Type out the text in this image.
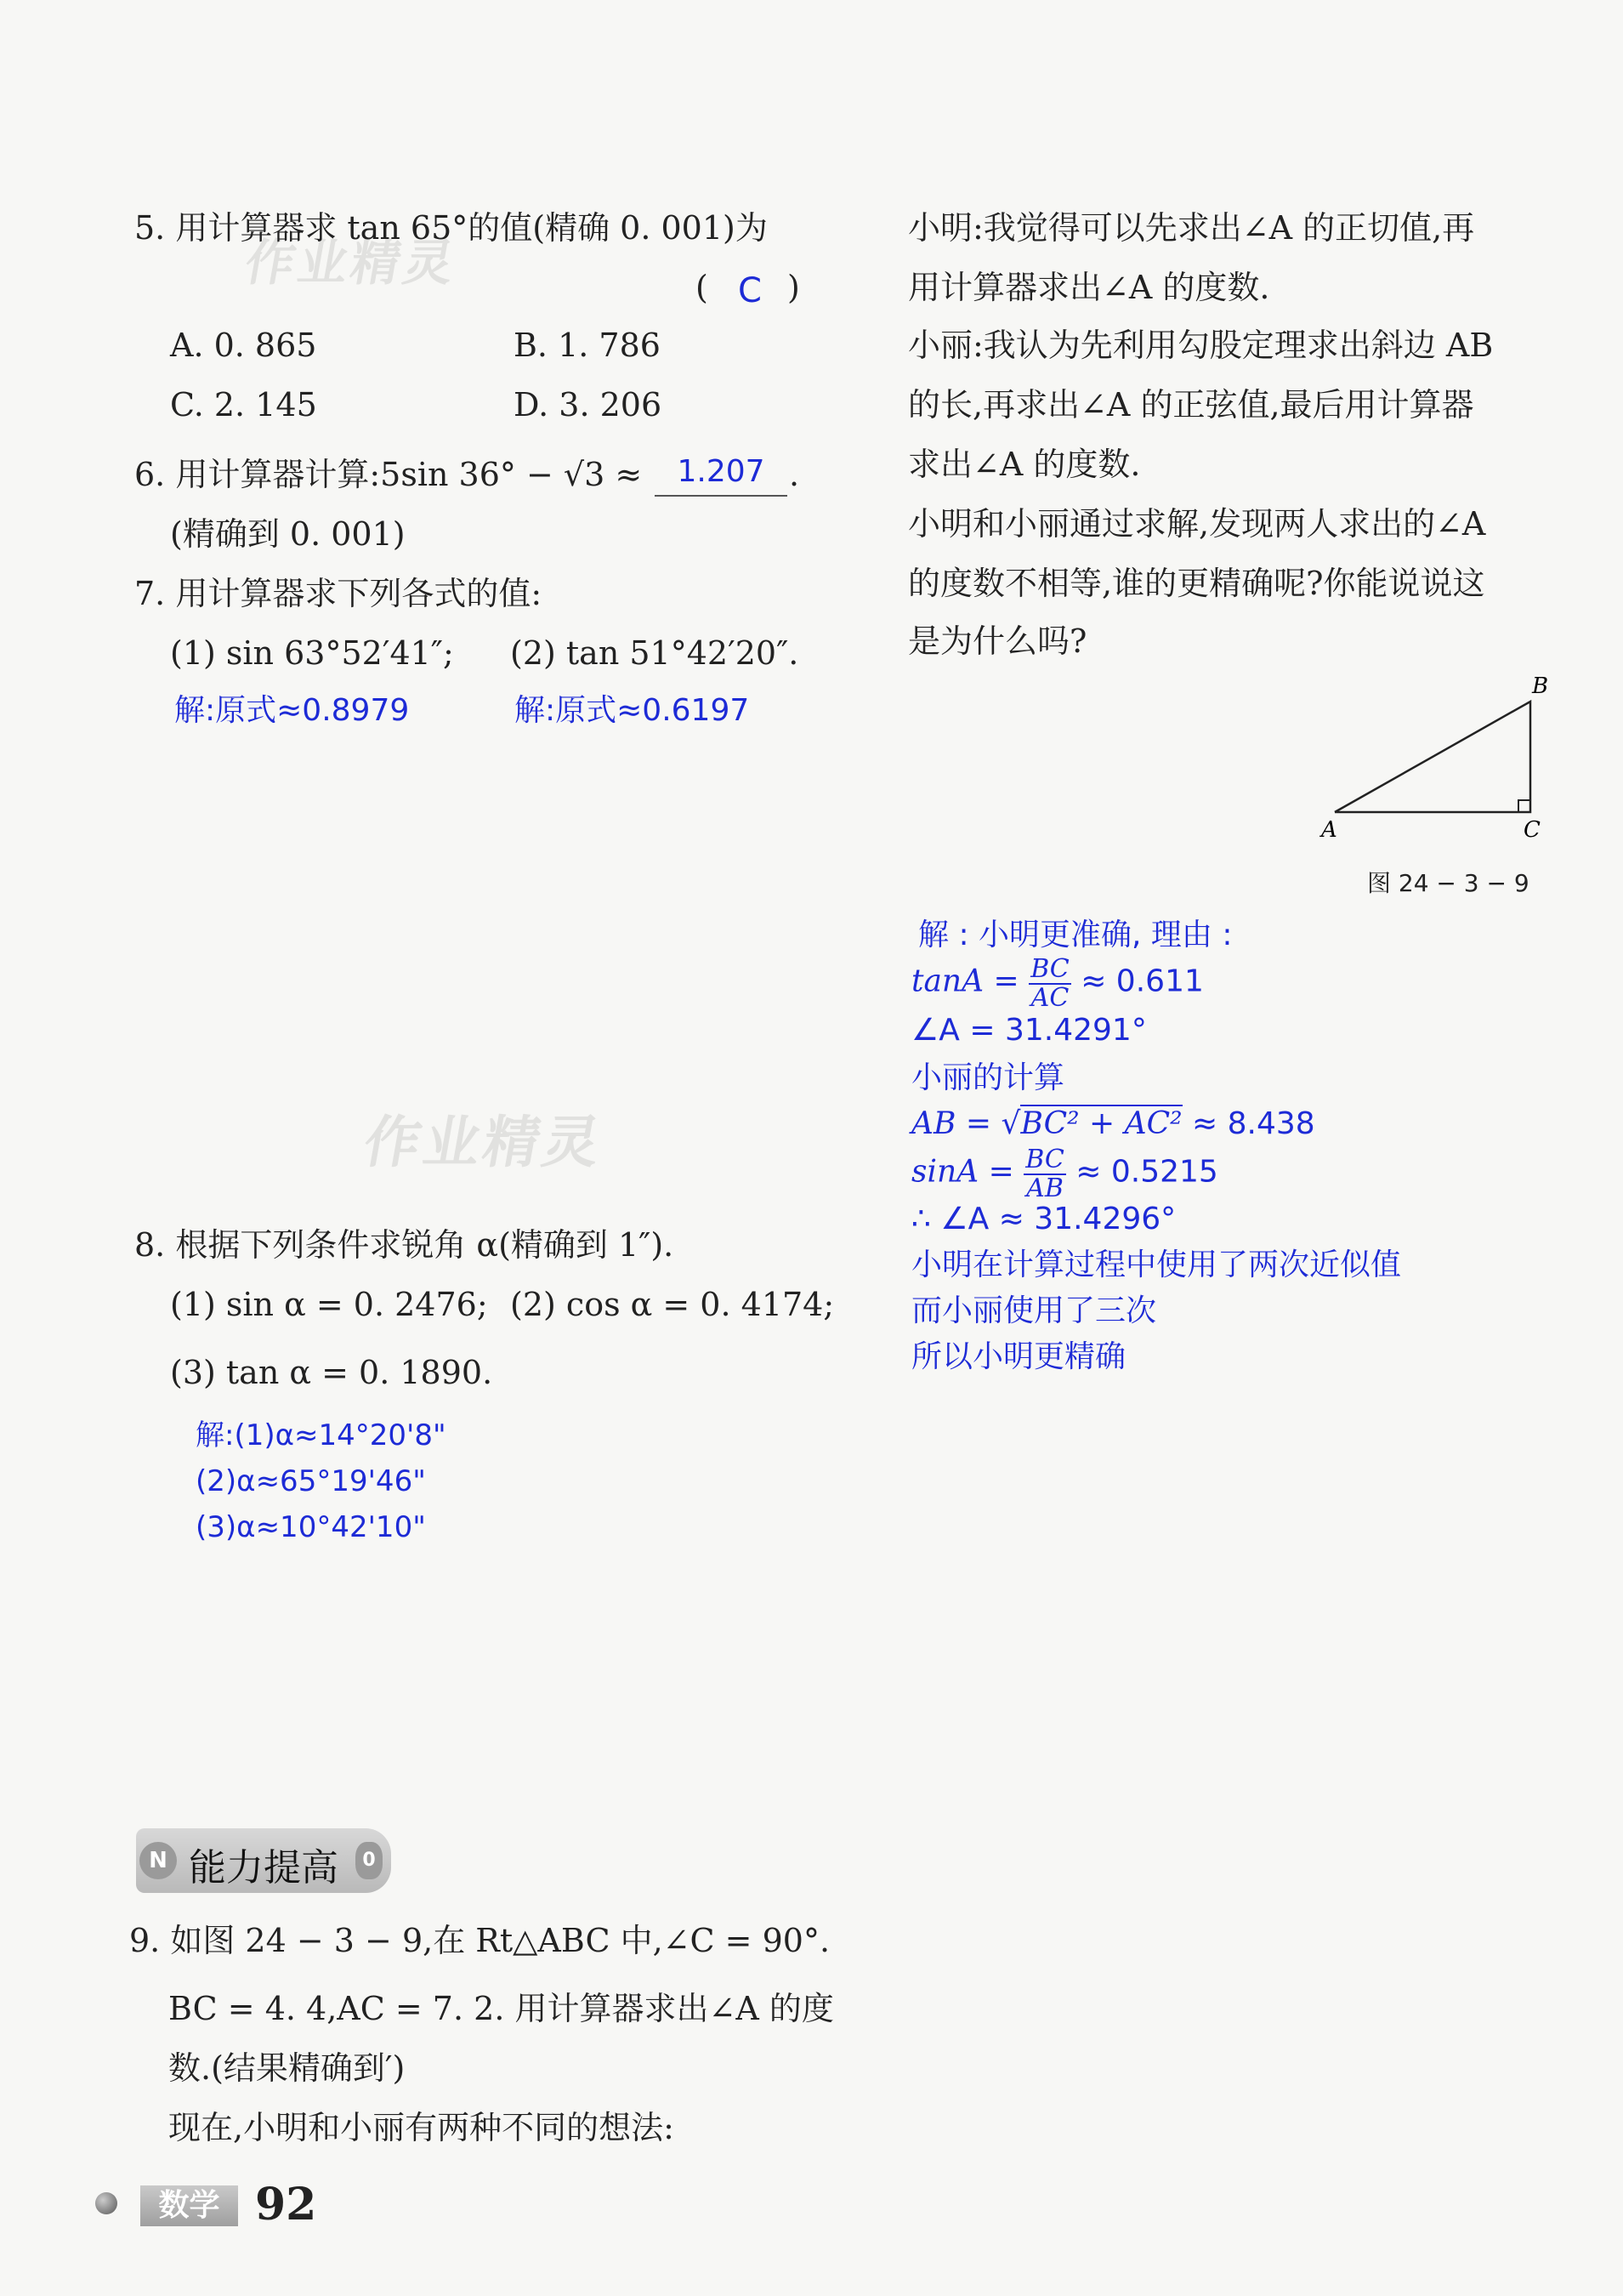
作业精灵
作业精灵
5. 用计算器求 tan 65°的值(精确 0. 001)为
( C )
A. 0. 865	B. 1. 786
C. 2. 145	D. 3. 206
6. 用计算器计算:5sin 36° − √3 ≈	1.207 .
(精确到 0. 001)
7. 用计算器求下列各式的值:
(1) sin 63°52′41″; (2) tan 51°42′20″.
解:原式≈0.8979	解:原式≈0.6197
8. 根据下列条件求锐角 α(精确到 1″).
(1) sin α = 0. 2476; (2) cos α = 0. 4174;
(3) tan α = 0. 1890.
解:(1)α≈14°20'8"
(2)α≈65°19'46"
(3)α≈10°42'10"
N 能力提高	0
9. 如图 24 − 3 − 9,在 Rt△ABC 中,∠C = 90°.
BC = 4. 4,AC = 7. 2. 用计算器求出∠A 的度
数.(结果精确到′)
现在,小明和小丽有两种不同的想法:
小明:我觉得可以先求出∠A 的正切值,再
用计算器求出∠A 的度数.
小丽:我认为先利用勾股定理求出斜边 AB
的长,再求出∠A 的正弦值,最后用计算器
求出∠A 的度数.
小明和小丽通过求解,发现两人求出的∠A
的度数不相等,谁的更精确呢?你能说说这
是为什么吗?
B
A	C
图 24 − 3 − 9
解 : 小明更准确, 理由 :
$\tan A = \frac{BC}{AC} \approx 0.611$
∠A = 31.4291°
小丽的计算
AB = √BC² + AC² ≈ 8.438
$\sin A = \frac{BC}{AB} \approx 0.5215$
∴ ∠A ≈ 31.4296°
小明在计算过程中使用了两次近似值
而小丽使用了三次
所以小明更精确
数学 92
